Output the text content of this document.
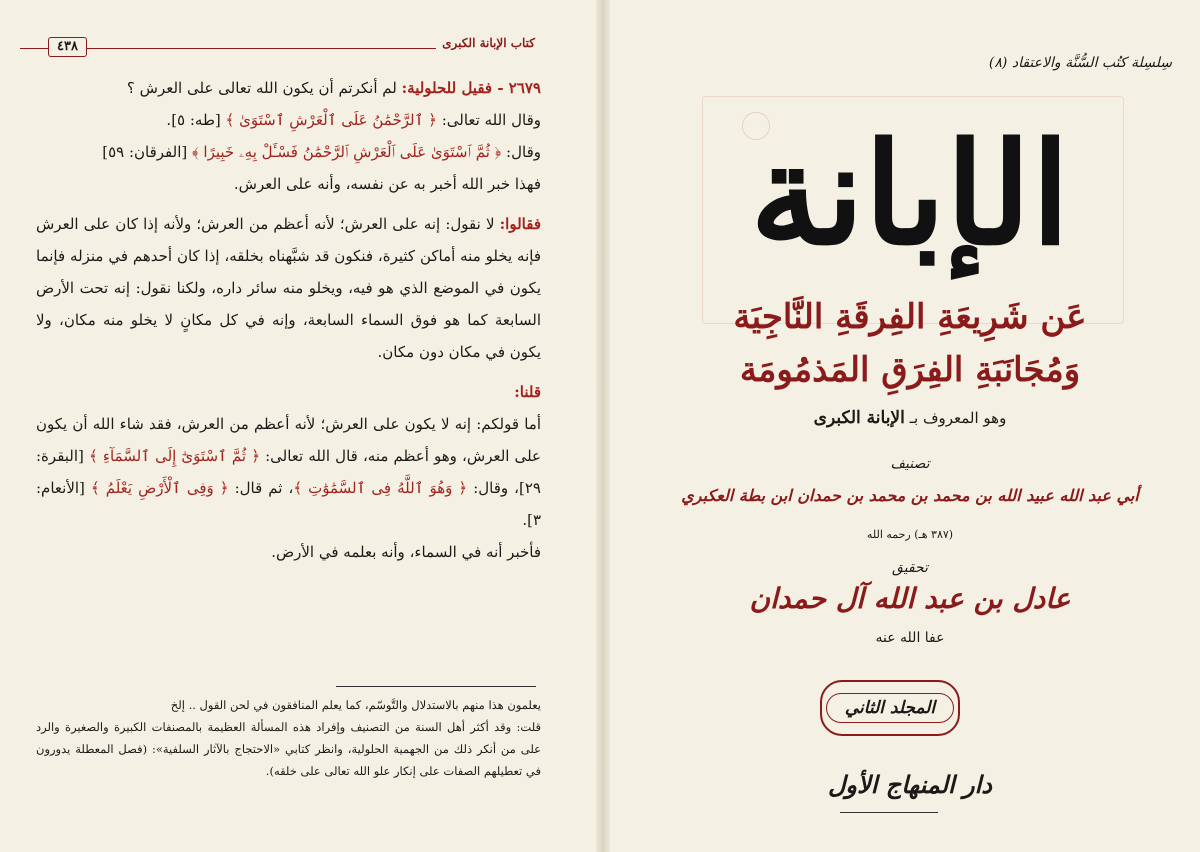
كتاب الإبانة الكبرى
٤٣٨

٢٦٧٩ - فقيل للحلولية: لم أنكرتم أن يكون الله تعالى على العرش ؟

وقال الله تعالى: ﴿ ٱلرَّحْمَٰنُ عَلَى ٱلْعَرْشِ ٱسْتَوَىٰ ﴾ [طه: ٥].

وقال: ﴿ ثُمَّ ٱسْتَوَىٰ عَلَى ٱلْعَرْشِ ٱلرَّحْمَٰنُ فَسْـَٔلْ بِهِۦ خَبِيرًا ﴾ [الفرقان: ٥٩]

فهذا خبر الله أخبر به عن نفسه، وأنه على العرش.

فقالوا: لا نقول: إنه على العرش؛ لأنه أعظم من العرش؛ ولأنه إذا كان على العرش فإنه يخلو منه أماكن كثيرة، فنكون قد شبَّهناه بخلقه، إذا كان أحدهم في منزله فإنما يكون في الموضع الذي هو فيه، ويخلو منه سائر داره، ولكنا نقول: إنه تحت الأرض السابعة كما هو فوق السماء السابعة، وإنه في كل مكانٍ لا يخلو منه مكان، ولا يكون في مكان دون مكان.

قلنا:

أما قولكم: إنه لا يكون على العرش؛ لأنه أعظم من العرش، فقد شاء الله أن يكون على العرش، وهو أعظم منه، قال الله تعالى: ﴿ ثُمَّ ٱسْتَوَىٰٓ إِلَى ٱلسَّمَآءِ ﴾ [البقرة: ٢٩]، وقال: ﴿ وَهُوَ ٱللَّهُ فِى ٱلسَّمَٰوَٰتِ ﴾، ثم قال: ﴿ وَفِى ٱلْأَرْضِ يَعْلَمُ ﴾ [الأنعام: ٣].

فأخبر أنه في السماء، وأنه بعلمه في الأرض.

يعلمون هذا منهم بالاستدلال والتَّوسّم، كما يعلم المنافقون في لحن القول .. إلخ

قلت: وقد أكثر أهل السنة من التصنيف وإفراد هذه المسألة العظيمة بالمصنفات الكبيرة والصغيرة والرد على من أنكر ذلك من الجهمية الحلولية، وانظر كتابي «الاحتجاج بالآثار السلفية»: (فصل المعطلة يدورون في تعطيلهم الصفات على إنكار علو الله تعالى على خلقه).

سِلسِلة كتُب السُّنَّة والاعتقاد (٨)
الإبانة
عَن شَرِيعَةِ الفِرقَةِ النَّاجِيَة
وَمُجَانَبَةِ الفِرَقِ المَذمُومَة
وهو المعروف بـ الإبانة الكبرى
تصنيف
أبي عبد الله عبيد الله بن محمد بن محمد بن حمدان ابن بطة العكبري
(٣٨٧ هـ) رحمه الله
تحقيق
عادل بن عبد الله آل حمدان
عفا الله عنه
المجلد الثاني
دار المنهاج الأول
